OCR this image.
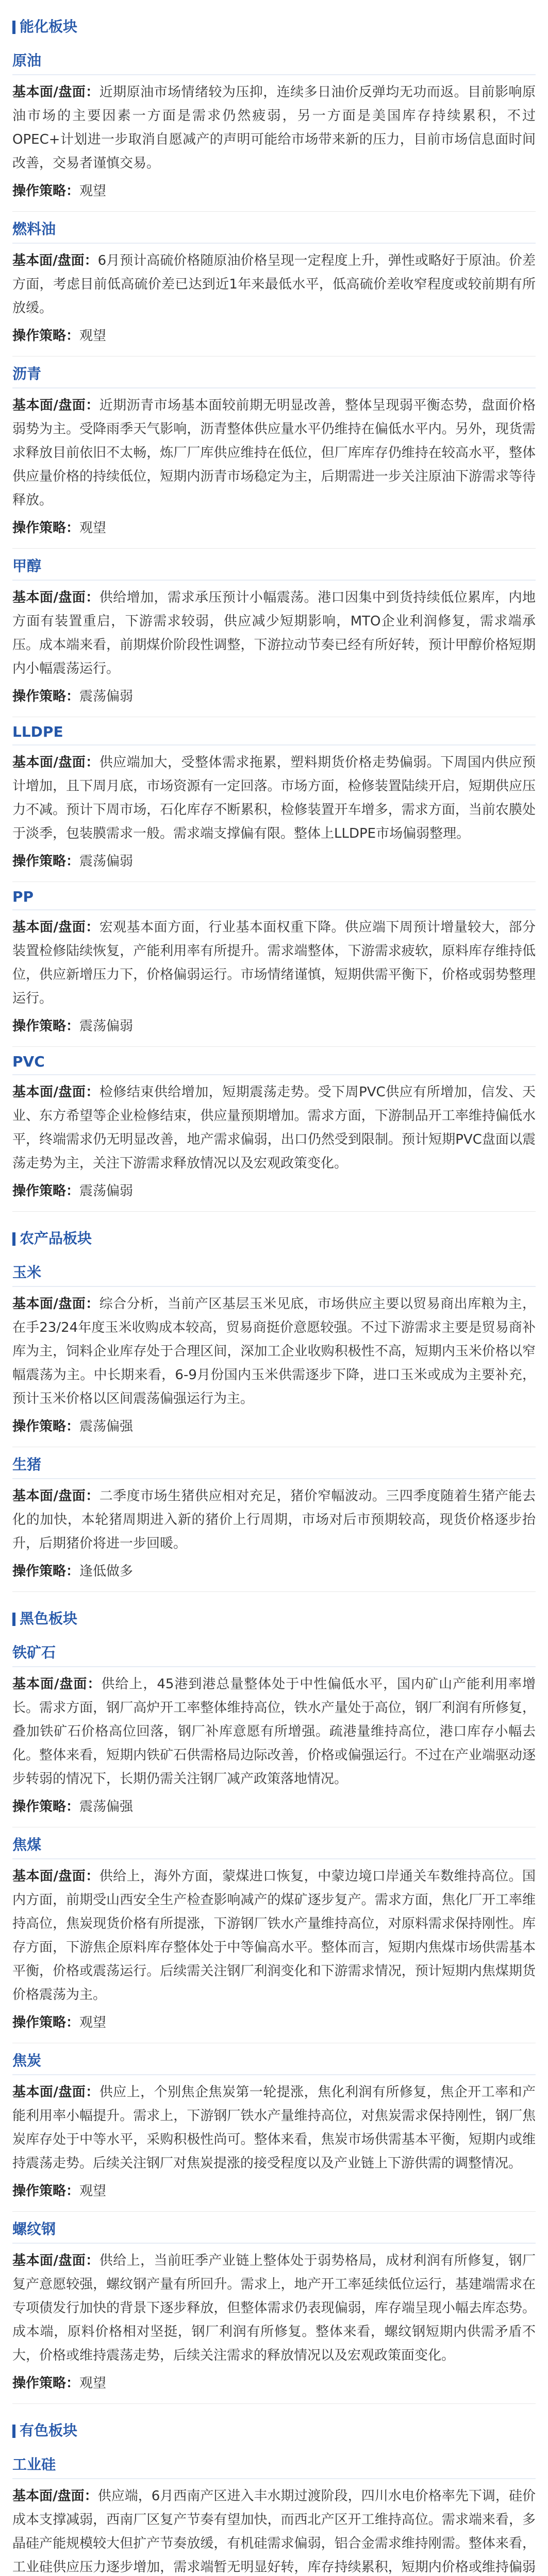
能化板块
原油

基本面/盘面：近期原油市场情绪较为压抑，连续多日油价反弹均无功而返。目前影响原油市场的主要因素一方面是需求仍然疲弱，另一方面是美国库存持续累积，不过OPEC+计划进一步取消自愿减产的声明可能给市场带来新的压力，目前市场信息面时间改善，交易者谨慎交易。

操作策略：观望

燃料油

基本面/盘面：6月预计高硫价格随原油价格呈现一定程度上升，弹性或略好于原油。价差方面，考虑目前低高硫价差已达到近1年来最低水平，低高硫价差收窄程度或较前期有所放缓。

操作策略：观望

沥青

基本面/盘面：近期沥青市场基本面较前期无明显改善，整体呈现弱平衡态势，盘面价格弱势为主。受降雨季天气影响，沥青整体供应量水平仍维持在偏低水平内。另外，现货需求释放目前依旧不太畅，炼厂厂库供应维持在低位，但厂库库存仍维持在较高水平，整体供应量价格的持续低位，短期内沥青市场稳定为主，后期需进一步关注原油下游需求等待释放。

操作策略：观望

甲醇

基本面/盘面：供给增加，需求承压预计小幅震荡。港口因集中到货持续低位累库，内地方面有装置重启，下游需求较弱，供应减少短期影响，MTO企业利润修复，需求端承压。成本端来看，前期煤价阶段性调整，下游拉动节奏已经有所好转，预计甲醇价格短期内小幅震荡运行。

操作策略：震荡偏弱

LLDPE

基本面/盘面：供应端加大，受整体需求拖累，塑料期货价格走势偏弱。下周国内供应预计增加，且下周月底，市场资源有一定回落。市场方面，检修装置陆续开启，短期供应压力不减。预计下周市场，石化库存不断累积，检修装置开车增多，需求方面，当前农膜处于淡季，包装膜需求一般。需求端支撑偏有限。整体上LLDPE市场偏弱整理。

操作策略：震荡偏弱

PP

基本面/盘面：宏观基本面方面，行业基本面权重下降。供应端下周预计增量较大，部分装置检修陆续恢复，产能利用率有所提升。需求端整体，下游需求疲软，原料库存维持低位，供应新增压力下，价格偏弱运行。市场情绪谨慎，短期供需平衡下，价格或弱势整理运行。

操作策略：震荡偏弱

PVC

基本面/盘面：检修结束供给增加，短期震荡走势。受下周PVC供应有所增加，信发、天业、东方希望等企业检修结束，供应量预期增加。需求方面，下游制品开工率维持偏低水平，终端需求仍无明显改善，地产需求偏弱，出口仍然受到限制。预计短期PVC盘面以震荡走势为主，关注下游需求释放情况以及宏观政策变化。

操作策略：震荡偏弱

农产品板块
玉米

基本面/盘面：综合分析，当前产区基层玉米见底，市场供应主要以贸易商出库粮为主，在手23/24年度玉米收购成本较高，贸易商挺价意愿较强。不过下游需求主要是贸易商补库为主，饲料企业库存处于合理区间，深加工企业收购积极性不高，短期内玉米价格以窄幅震荡为主。中长期来看，6-9月份国内玉米供需逐步下降，进口玉米或成为主要补充，预计玉米价格以区间震荡偏强运行为主。

操作策略：震荡偏强

生猪

基本面/盘面：二季度市场生猪供应相对充足，猪价窄幅波动。三四季度随着生猪产能去化的加快，本轮猪周期进入新的猪价上行周期，市场对后市预期较高，现货价格逐步抬升，后期猪价将进一步回暖。

操作策略：逢低做多

黑色板块
铁矿石

基本面/盘面：供给上，45港到港总量整体处于中性偏低水平，国内矿山产能利用率增长。需求方面，钢厂高炉开工率整体维持高位，铁水产量处于高位，钢厂利润有所修复，叠加铁矿石价格高位回落，钢厂补库意愿有所增强。疏港量维持高位，港口库存小幅去化。整体来看，短期内铁矿石供需格局边际改善，价格或偏强运行。不过在产业端驱动逐步转弱的情况下，长期仍需关注钢厂减产政策落地情况。

操作策略：震荡偏强

焦煤

基本面/盘面：供给上，海外方面，蒙煤进口恢复，中蒙边境口岸通关车数维持高位。国内方面，前期受山西安全生产检查影响减产的煤矿逐步复产。需求方面，焦化厂开工率维持高位，焦炭现货价格有所提涨，下游钢厂铁水产量维持高位，对原料需求保持刚性。库存方面，下游焦企原料库存整体处于中等偏高水平。整体而言，短期内焦煤市场供需基本平衡，价格或震荡运行。后续需关注钢厂利润变化和下游需求情况，预计短期内焦煤期货价格震荡为主。

操作策略：观望

焦炭

基本面/盘面：供应上，个别焦企焦炭第一轮提涨，焦化利润有所修复，焦企开工率和产能利用率小幅提升。需求上，下游钢厂铁水产量维持高位，对焦炭需求保持刚性，钢厂焦炭库存处于中等水平，采购积极性尚可。整体来看，焦炭市场供需基本平衡，短期内或维持震荡走势。后续关注钢厂对焦炭提涨的接受程度以及产业链上下游供需的调整情况。

操作策略：观望

螺纹钢

基本面/盘面：供给上，当前旺季产业链上整体处于弱势格局，成材利润有所修复，钢厂复产意愿较强，螺纹钢产量有所回升。需求上，地产开工率延续低位运行，基建端需求在专项债发行加快的背景下逐步释放，但整体需求仍表现偏弱，库存端呈现小幅去库态势。成本端，原料价格相对坚挺，钢厂利润有所修复。整体来看，螺纹钢短期内供需矛盾不大，价格或维持震荡走势，后续关注需求的释放情况以及宏观政策面变化。

操作策略：观望

有色板块
工业硅

基本面/盘面：供应端，6月西南产区进入丰水期过渡阶段，四川水电价格率先下调，硅价成本支撑减弱，西南厂区复产节奏有望加快，而西北产区开工维持高位。需求端来看，多晶硅产能规模较大但扩产节奏放缓，有机硅需求偏弱，铝合金需求维持刚需。整体来看，工业硅供应压力逐步增加，需求端暂无明显好转，库存持续累积，短期内价格或维持偏弱
